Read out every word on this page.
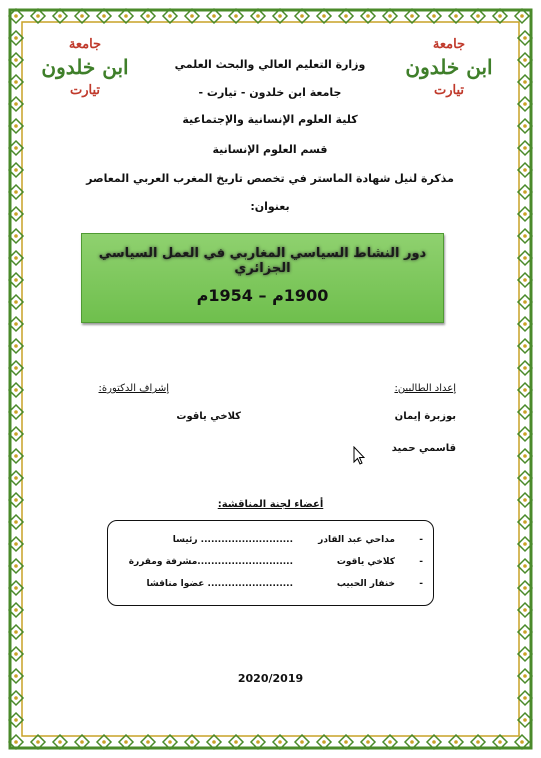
جامعة
ابن خلدون
تيارت
جامعة
ابن خلدون
تيارت
وزارة التعليم العالي والبحث العلمي
جامعة ابن خلدون - تيارت -
كلية العلوم الإنسانية والإجتماعية
قسم العلوم الإنسانية
مذكرة لنيل شهادة الماستر في تخصص تاريخ المغرب العربي المعاصر
بعنوان:
دور النشاط السياسي المغاربي في العمل السياسي الجزائري
1900م – 1954م
إعداد الطالبين:
بوزبرة إيمان
قاسمي حميد
إشراف الدكتورة:
كلاخي ياقوت
أعضاء لجنة المناقشة:
-
مداحي عبد القادر
........................... رئيسا
-
كلاخي ياقوت
............................مشرفة ومقررة
-
خنفار الحبيب
......................... عضوا مناقشا
2020/2019
